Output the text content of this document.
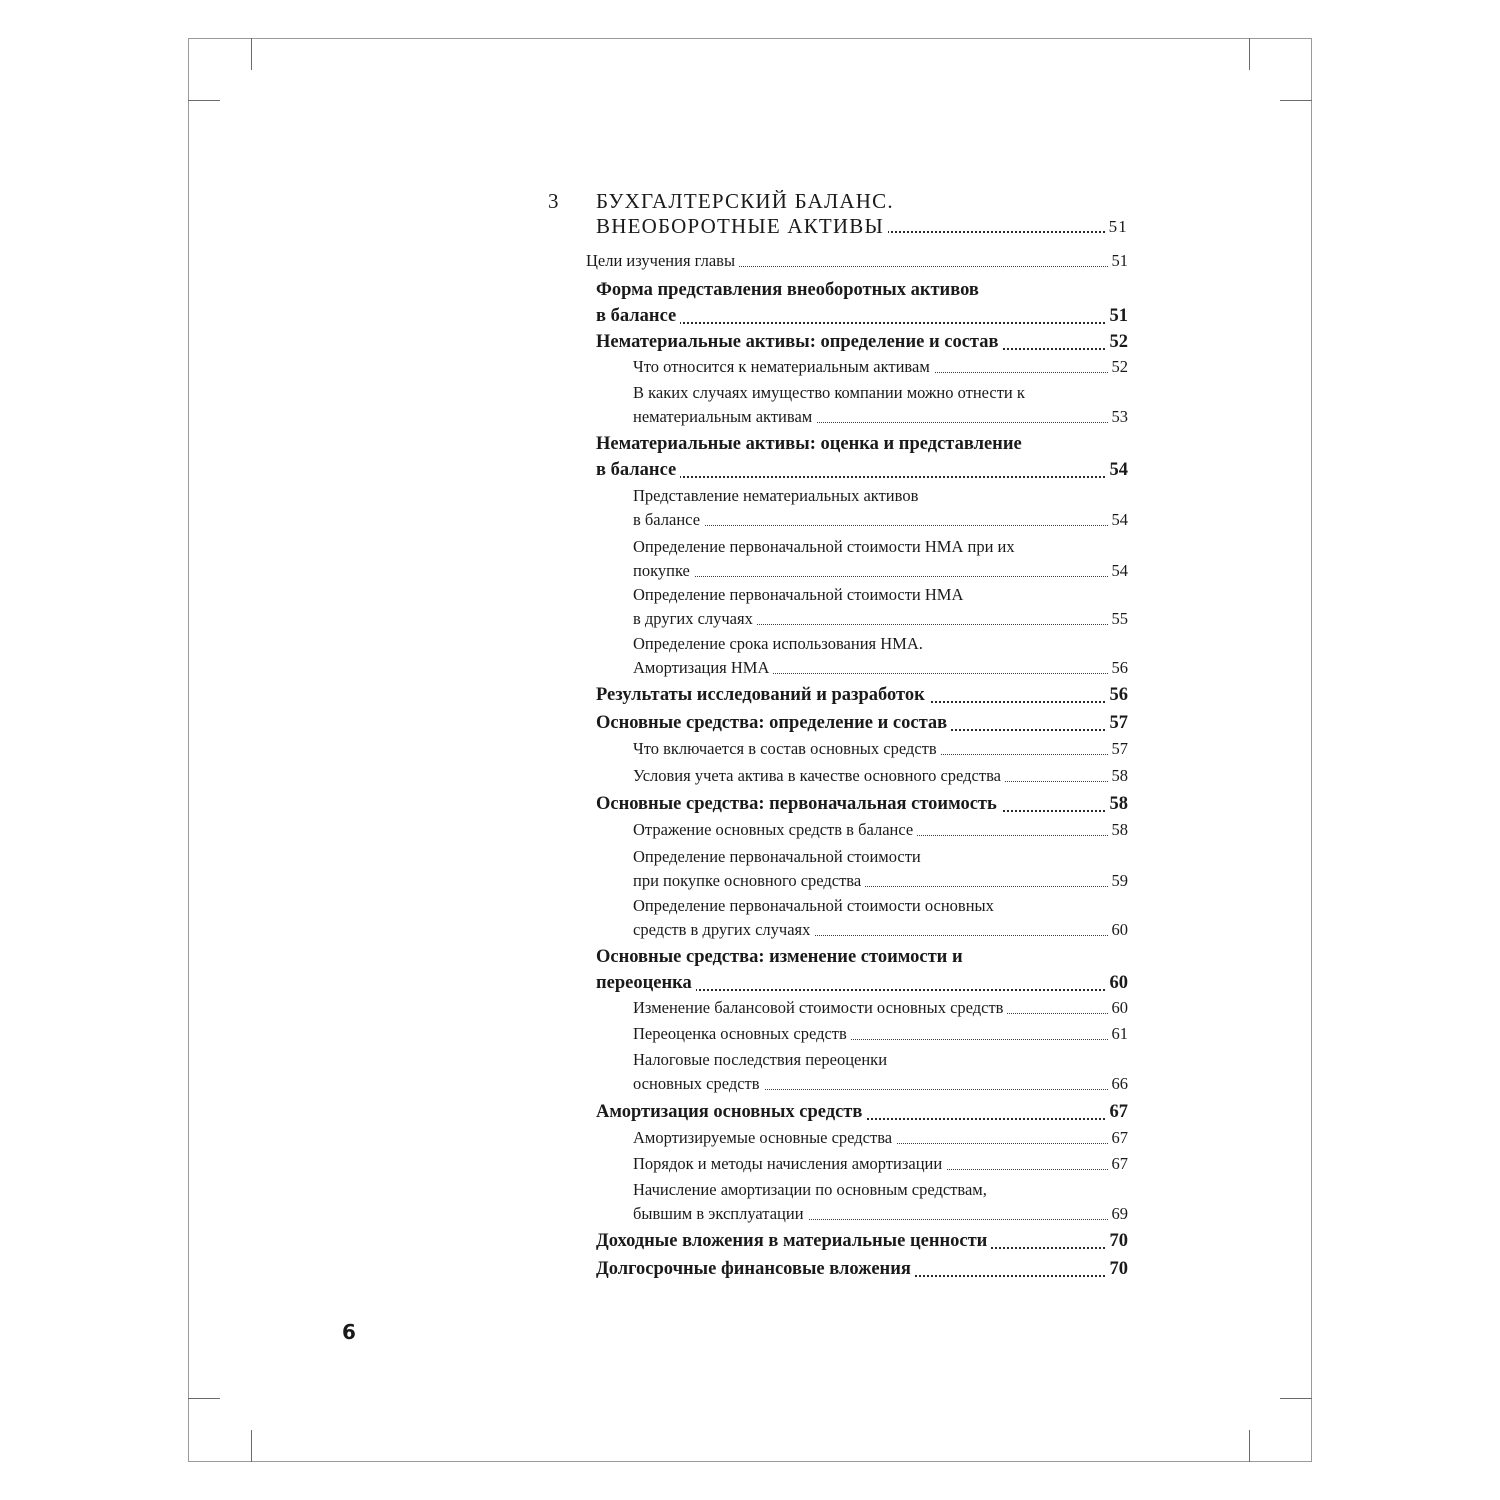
3 БУХГАЛТЕРСКИЙ БАЛАНС.
ВНЕОБОРОТНЫЕ АКТИВЫ	51
Цели изучения главы	51
Форма представления внеоборотных активов
в балансе	51
Нематериальные активы: определение и состав	52
Что относится к нематериальным активам	52
В каких случаях имущество компании можно отнести к
нематериальным активам	53
Нематериальные активы: оценка и представление
в балансе	54
Представление нематериальных активов
в балансе	54
Определение первоначальной стоимости НМА при их
покупке	54
Определение первоначальной стоимости НМА
в других случаях	55
Определение срока использования НМА.
Амортизация НМА	56
Результаты исследований и разработок	56
Основные средства: определение и состав	57
Что включается в состав основных средств	57
Условия учета актива в качестве основного средства	58
Основные средства: первоначальная стоимость	58
Отражение основных средств в балансе	58
Определение первоначальной стоимости
при покупке основного средства	59
Определение первоначальной стоимости основных
средств в других случаях	60
Основные средства: изменение стоимости и
переоценка	60
Изменение балансовой стоимости основных средств	60
Переоценка основных средств	61
Налоговые последствия переоценки
основных средств	66
Амортизация основных средств	67
Амортизируемые основные средства	67
Порядок и методы начисления амортизации	67
Начисление амортизации по основным средствам,
бывшим в эксплуатации	69
Доходные вложения в материальные ценности	70
Долгосрочные финансовые вложения	70
6
